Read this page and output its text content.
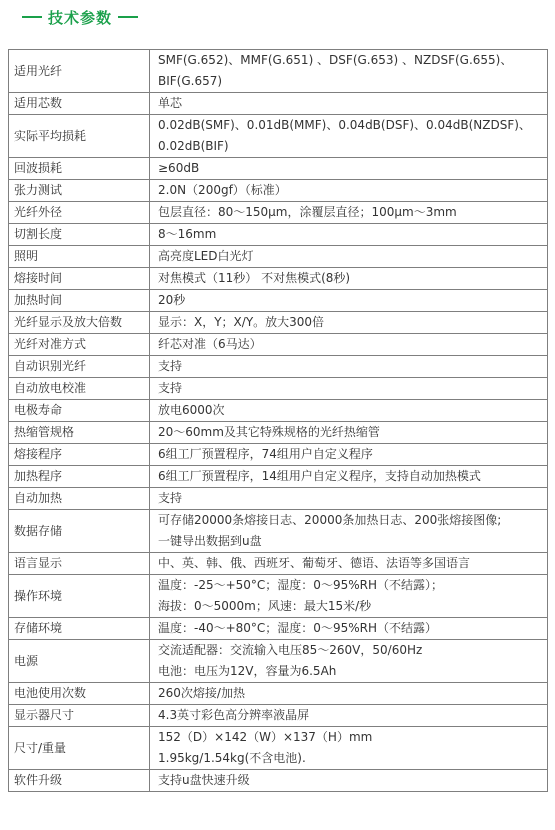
技术参数
适用光纤	SMF(G.652)、MMF(G.651) 、DSF(G.653) 、NZDSF(G.655)、
BIF(G.657)

适用芯数	单芯

实际平均损耗	0.02dB(SMF)、0.01dB(MMF)、0.04dB(DSF)、0.04dB(NZDSF)、
0.02dB(BIF)

回波损耗	≥60dB

张力测试	2.0N（200gf）（标准）

光纤外径	包层直径：80～150μm，涂覆层直径；100μm～3mm

切割长度	8～16mm

照明	高亮度LED白光灯

熔接时间	对焦模式（11秒） 不对焦模式(8秒)

加热时间	20秒

光纤显示及放大倍数	显示：X，Y；X/Y。放大300倍

光纤对准方式	纤芯对准（6马达）

自动识别光纤	支持

自动放电校准	支持

电极寿命	放电6000次

热缩管规格	20～60mm及其它特殊规格的光纤热缩管

熔接程序	6组工厂预置程序，74组用户自定义程序

加热程序	6组工厂预置程序，14组用户自定义程序，支持自动加热模式

自动加热	支持

数据存储	可存储20000条熔接日志、20000条加热日志、200张熔接图像;
一键导出数据到u盘

语言显示	中、英、韩、俄、西班牙、葡萄牙、德语、法语等多国语言

操作环境	温度：-25～+50°C；湿度：0～95%RH（不结露）；
海拔：0～5000m；风速：最大15米/秒

存储环境	温度：-40～+80°C；湿度：0～95%RH（不结露）

电源	交流适配器：交流输入电压85～260V，50/60Hz
电池：电压为12V，容量为6.5Ah

电池使用次数	260次熔接/加热

显示器尺寸	4.3英寸彩色高分辨率液晶屏

尺寸/重量	152（D）×142（W）×137（H）mm
1.95kg/1.54kg(不含电池).

软件升级	支持u盘快速升级
